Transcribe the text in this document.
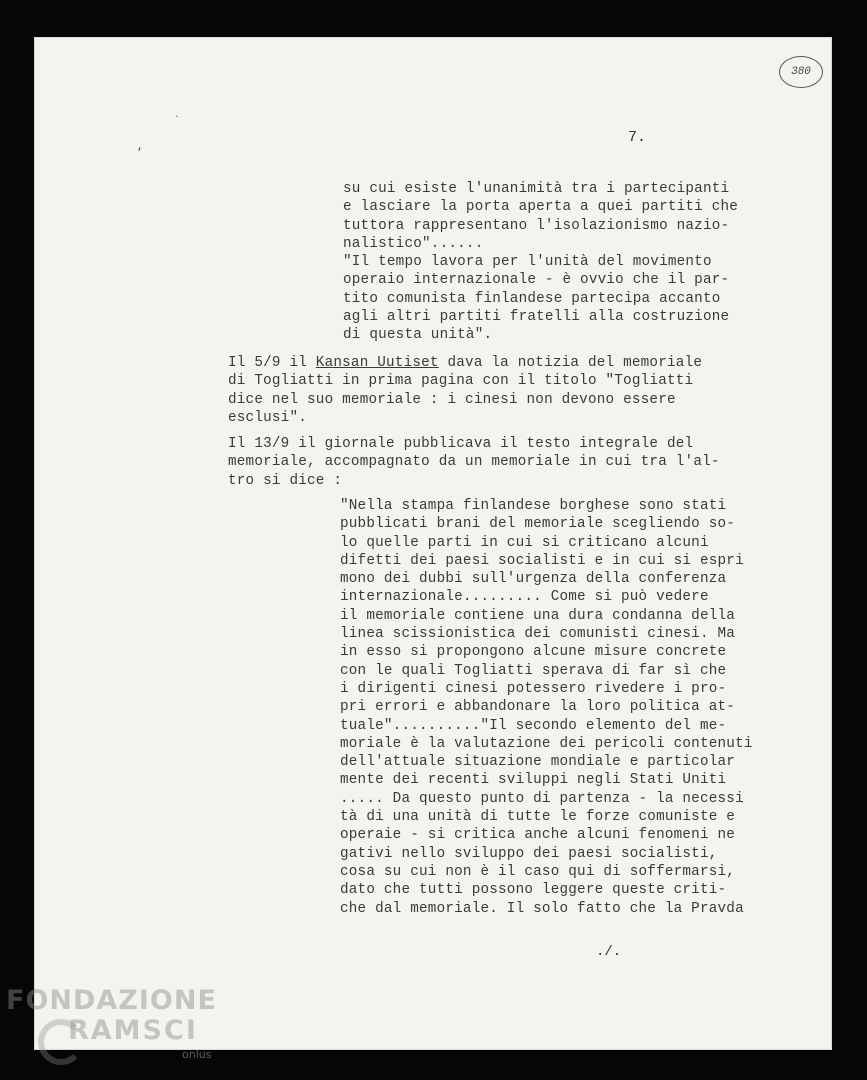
380
`
,
7.
su cui esiste l'unanimità tra i partecipanti
e lasciare la porta aperta a quei partiti che
tuttora rappresentano l'isolazionismo nazio-
nalistico"......
"Il tempo lavora per l'unità del movimento
operaio internazionale - è ovvio che il par-
tito comunista finlandese partecipa accanto
agli altri partiti fratelli alla costruzione
di questa unità".
Il 5/9 il Kansan Uutiset dava la notizia del memoriale
di Togliatti in prima pagina con il titolo "Togliatti
dice nel suo memoriale : i cinesi non devono essere
esclusi".
Il 13/9 il giornale pubblicava il testo integrale del
memoriale, accompagnato da un memoriale in cui tra l'al-
tro si dice :
"Nella stampa finlandese borghese sono stati
pubblicati brani del memoriale scegliendo so-
lo quelle parti in cui si criticano alcuni
difetti dei paesi socialisti e in cui si espri
mono dei dubbi sull'urgenza della conferenza
internazionale......... Come si può vedere
il memoriale contiene una dura condanna della
linea scissionistica dei comunisti cinesi. Ma
in esso si propongono alcune misure concrete
con le quali Togliatti sperava di far sì che
i dirigenti cinesi potessero rivedere i pro-
pri errori e abbandonare la loro politica at-
tuale".........."Il secondo elemento del me-
moriale è la valutazione dei pericoli contenuti
dell'attuale situazione mondiale e particolar
mente dei recenti sviluppi negli Stati Uniti
..... Da questo punto di partenza - la necessi
tà di una unità di tutte le forze comuniste e
operaie - si critica anche alcuni fenomeni ne
gativi nello sviluppo dei paesi socialisti,
cosa su cui non è il caso qui di soffermarsi,
dato che tutti possono leggere queste criti-
che dal memoriale. Il solo fatto che la Pravda
./.
FONDAZIONE
RAMSCI
onlus
